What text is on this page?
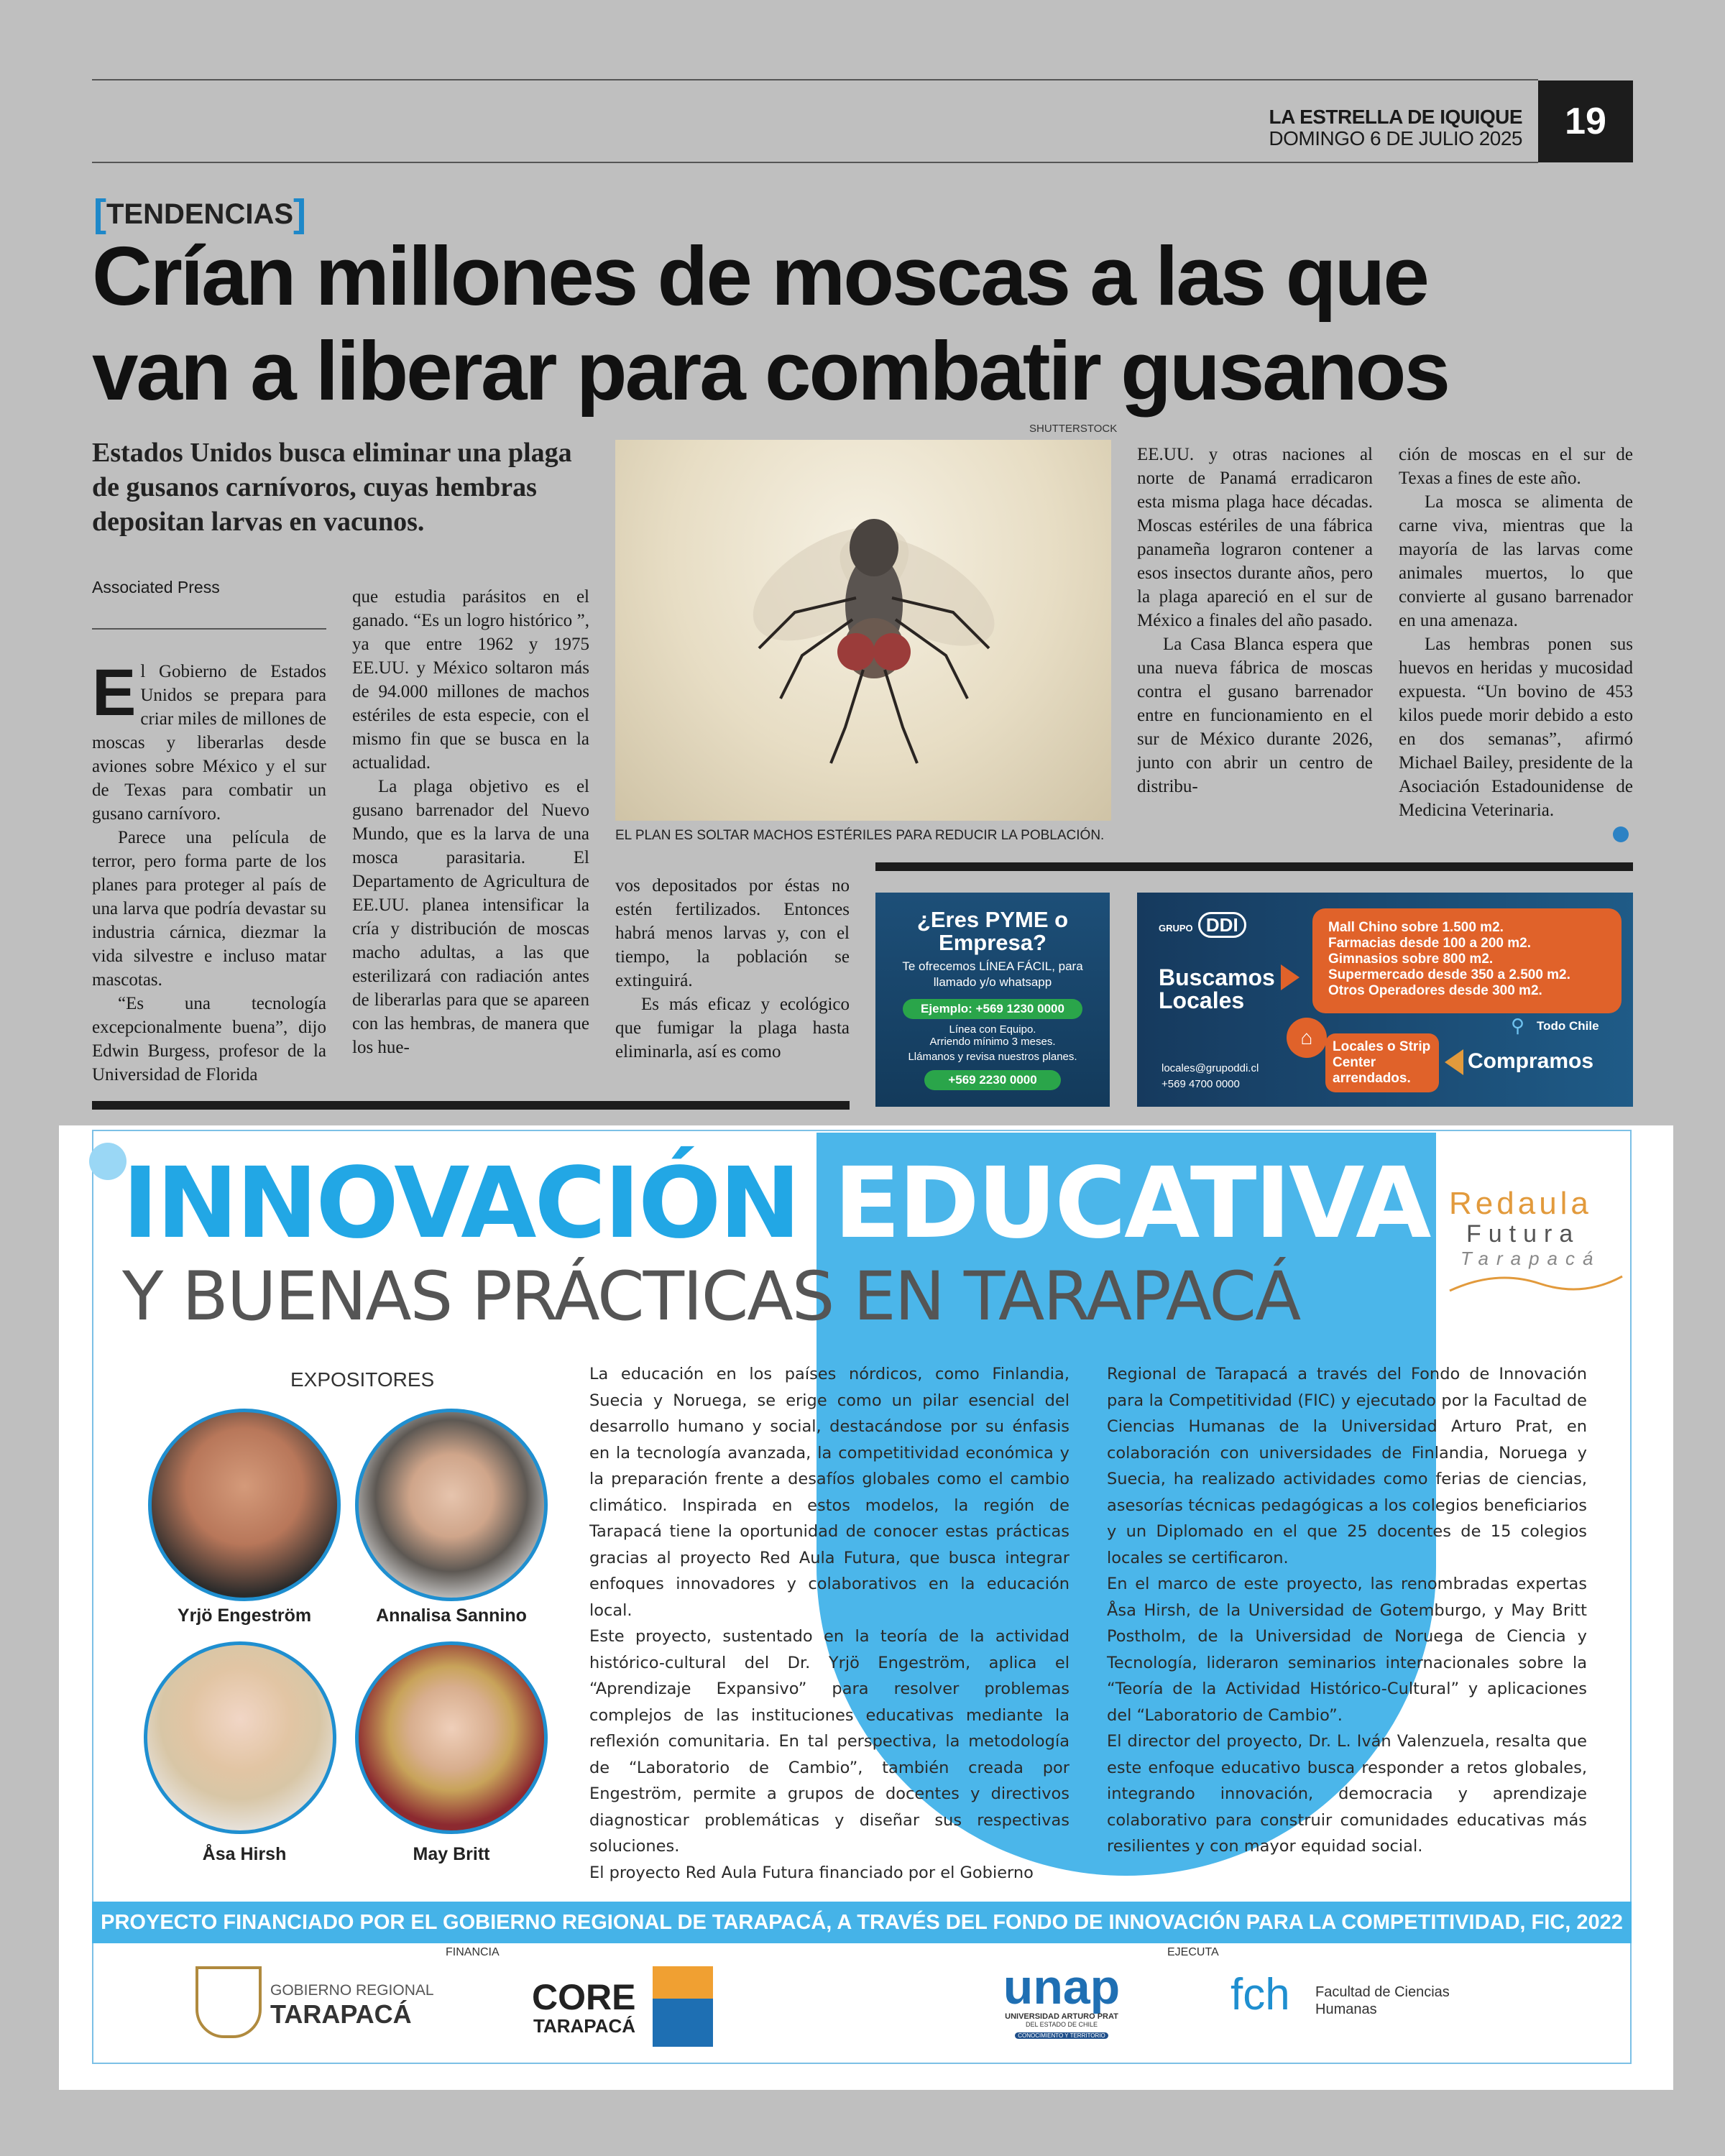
LA ESTRELLA DE IQUIQUE
DOMINGO 6 DE JULIO 2025	19
[TENDENCIAS]
Crían millones de moscas a las que
van a liberar para combatir gusanos
Estados Unidos busca eliminar una plaga de gusanos carnívoros, cuyas hembras depositan larvas en vacunos.
Associated Press

El Gobierno de Estados Unidos se prepara para criar miles de millones de moscas y liberarlas desde aviones sobre México y el sur de Texas para combatir un gusano carnívoro.

Parece una película de terror, pero forma parte de los planes para proteger al país de una larva que podría devastar su industria cárnica, diezmar la vida silvestre e incluso matar mascotas.

“Es una tecnología excepcionalmente buena”, dijo Edwin Burgess, profesor de la Universidad de Florida

que estudia parásitos en el ganado. “Es un logro histórico ”, ya que entre 1962 y 1975 EE.UU. y México soltaron más de 94.000 millones de machos estériles de esta especie, con el mismo fin que se busca en la actualidad.

La plaga objetivo es el gusano barrenador del Nuevo Mundo, que es la larva de una mosca parasitaria. El Departamento de Agricultura de EE.UU. planea intensificar la cría y distribución de moscas macho adultas, a las que esterilizará con radiación antes de liberarlas para que se apareen con las hembras, de manera que los hue-

vos depositados por éstas no estén fertilizados. Entonces habrá menos larvas y, con el tiempo, la población se extinguirá.

Es más eficaz y ecológico que fumigar la plaga hasta eliminarla, así es como

EE.UU. y otras naciones al norte de Panamá erradicaron esta misma plaga hace décadas. Moscas estériles de una fábrica panameña lograron contener a esos insectos durante años, pero la plaga apareció en el sur de México a finales del año pasado.

La Casa Blanca espera que una nueva fábrica de moscas contra el gusano barrenador entre en funcionamiento en el sur de México durante 2026, junto con abrir un centro de distribu-

ción de moscas en el sur de Texas a fines de este año.

La mosca se alimenta de carne viva, mientras que la mayoría de las larvas come animales muertos, lo que convierte al gusano barrenador en una amenaza.

Las hembras ponen sus huevos en heridas y mucosidad expuesta. “Un bovino de 453 kilos puede morir debido a esto en dos semanas”, afirmó Michael Bailey, presidente de la Asociación Estadounidense de Medicina Veterinaria.

SHUTTERSTOCK
EL PLAN ES SOLTAR MACHOS ESTÉRILES PARA REDUCIR LA POBLACIÓN.
¿Eres PYME o Empresa?
Te ofrecemos LÍNEA FÁCIL, para llamado y/o whatsapp
Ejemplo: +569 1230 0000
Línea con Equipo.
Arriendo mínimo 3 meses.
Llámanos y revisa nuestros planes.
+569 2230 0000
GRUPO DDI
Buscamos Locales
Mall Chino sobre 1.500 m2.
Farmacias desde 100 a 200 m2.
Gimnasios sobre 800 m2.
Supermercado desde 350 a 2.500 m2.
Otros Operadores desde 300 m2.
⚲ Todo Chile
⌂	Locales o Strip Center arrendados.
Compramos
locales@grupoddi.cl
+569 4700 0000
INNOVACIÓN EDUCATIVA
Y BUENAS PRÁCTICAS EN TARAPACÁ
Redaula
Futura
Tarapacá
EXPOSITORES
Yrjö Engeström	Annalisa Sannino
Åsa Hirsh	May Britt

La educación en los países nórdicos, como Finlandia, Suecia y Noruega, se erige como un pilar esencial del desarrollo humano y social, destacándose por su énfasis en la tecnología avanzada, la competitividad económica y la preparación frente a desafíos globales como el cambio climático. Inspirada en estos modelos, la región de Tarapacá tiene la oportunidad de conocer estas prácticas gracias al proyecto Red Aula Futura, que busca integrar enfoques innovadores y colaborativos en la educación local.

Este proyecto, sustentado en la teoría de la actividad histórico-cultural del Dr. Yrjö Engeström, aplica el “Aprendizaje Expansivo” para resolver problemas complejos de las instituciones educativas mediante la reflexión comunitaria. En tal perspectiva, la metodología de “Laboratorio de Cambio”, también creada por Engeström, permite a grupos de docentes y directivos diagnosticar problemáticas y diseñar sus respectivas soluciones.

El proyecto Red Aula Futura financiado por el Gobierno

Regional de Tarapacá a través del Fondo de Innovación para la Competitividad (FIC) y ejecutado por la Facultad de Ciencias Humanas de la Universidad Arturo Prat, en colaboración con universidades de Finlandia, Noruega y Suecia, ha realizado actividades como ferias de ciencias, asesorías técnicas pedagógicas a los colegios beneficiarios y un Diplomado en el que 25 docentes de 15 colegios locales se certificaron.

En el marco de este proyecto, las renombradas expertas Åsa Hirsh, de la Universidad de Gotemburgo, y May Britt Postholm, de la Universidad de Noruega de Ciencia y Tecnología, lideraron seminarios internacionales sobre la “Teoría de la Actividad Histórico-Cultural” y aplicaciones del “Laboratorio de Cambio”.

El director del proyecto, Dr. L. Iván Valenzuela, resalta que este enfoque educativo busca responder a retos globales, integrando innovación, democracia y aprendizaje colaborativo para construir comunidades educativas más resilientes y con mayor equidad social.

PROYECTO FINANCIADO POR EL GOBIERNO REGIONAL DE TARAPACÁ, A TRAVÉS DEL FONDO DE INNOVACIÓN PARA LA COMPETITIVIDAD, FIC, 2022
FINANCIA	EJECUTA
GOBIERNO REGIONAL
TARAPACÁ	CORE
TARAPACÁ
unap
UNIVERSIDAD ARTURO PRAT
DEL ESTADO DE CHILE
CONOCIMIENTO Y TERRITORIO
fch Facultad de Ciencias Humanas
